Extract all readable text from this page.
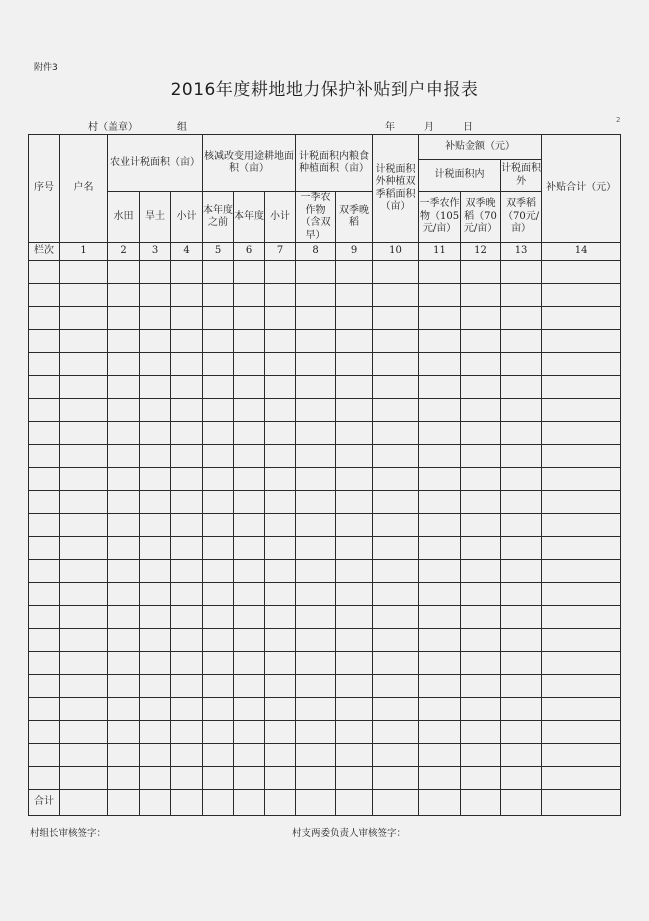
附件3
2016年度耕地地力保护补贴到户申报表
村（盖章）	组	年	月	日
2
序号	户名	农业计税面积（亩）			核减改变用途耕地面积（亩）			计税面积内粮食种植面积（亩）		计税面积外种植双季稻面积（亩）	补贴金额（元）			补贴合计（元）
											计税面积内		计税面积外	
		水田	旱土	小计	本年度之前	本年度	小计	一季农作物（含双早）	双季晚稻		一季农作物（105元/亩）	双季晚稻（70元/亩）	双季稻（70元/亩）	
栏次	1	2	3	4	5	6	7	8	9	10	11	12	13	14

合计														
村组长审核签字：	村支两委负责人审核签字：
